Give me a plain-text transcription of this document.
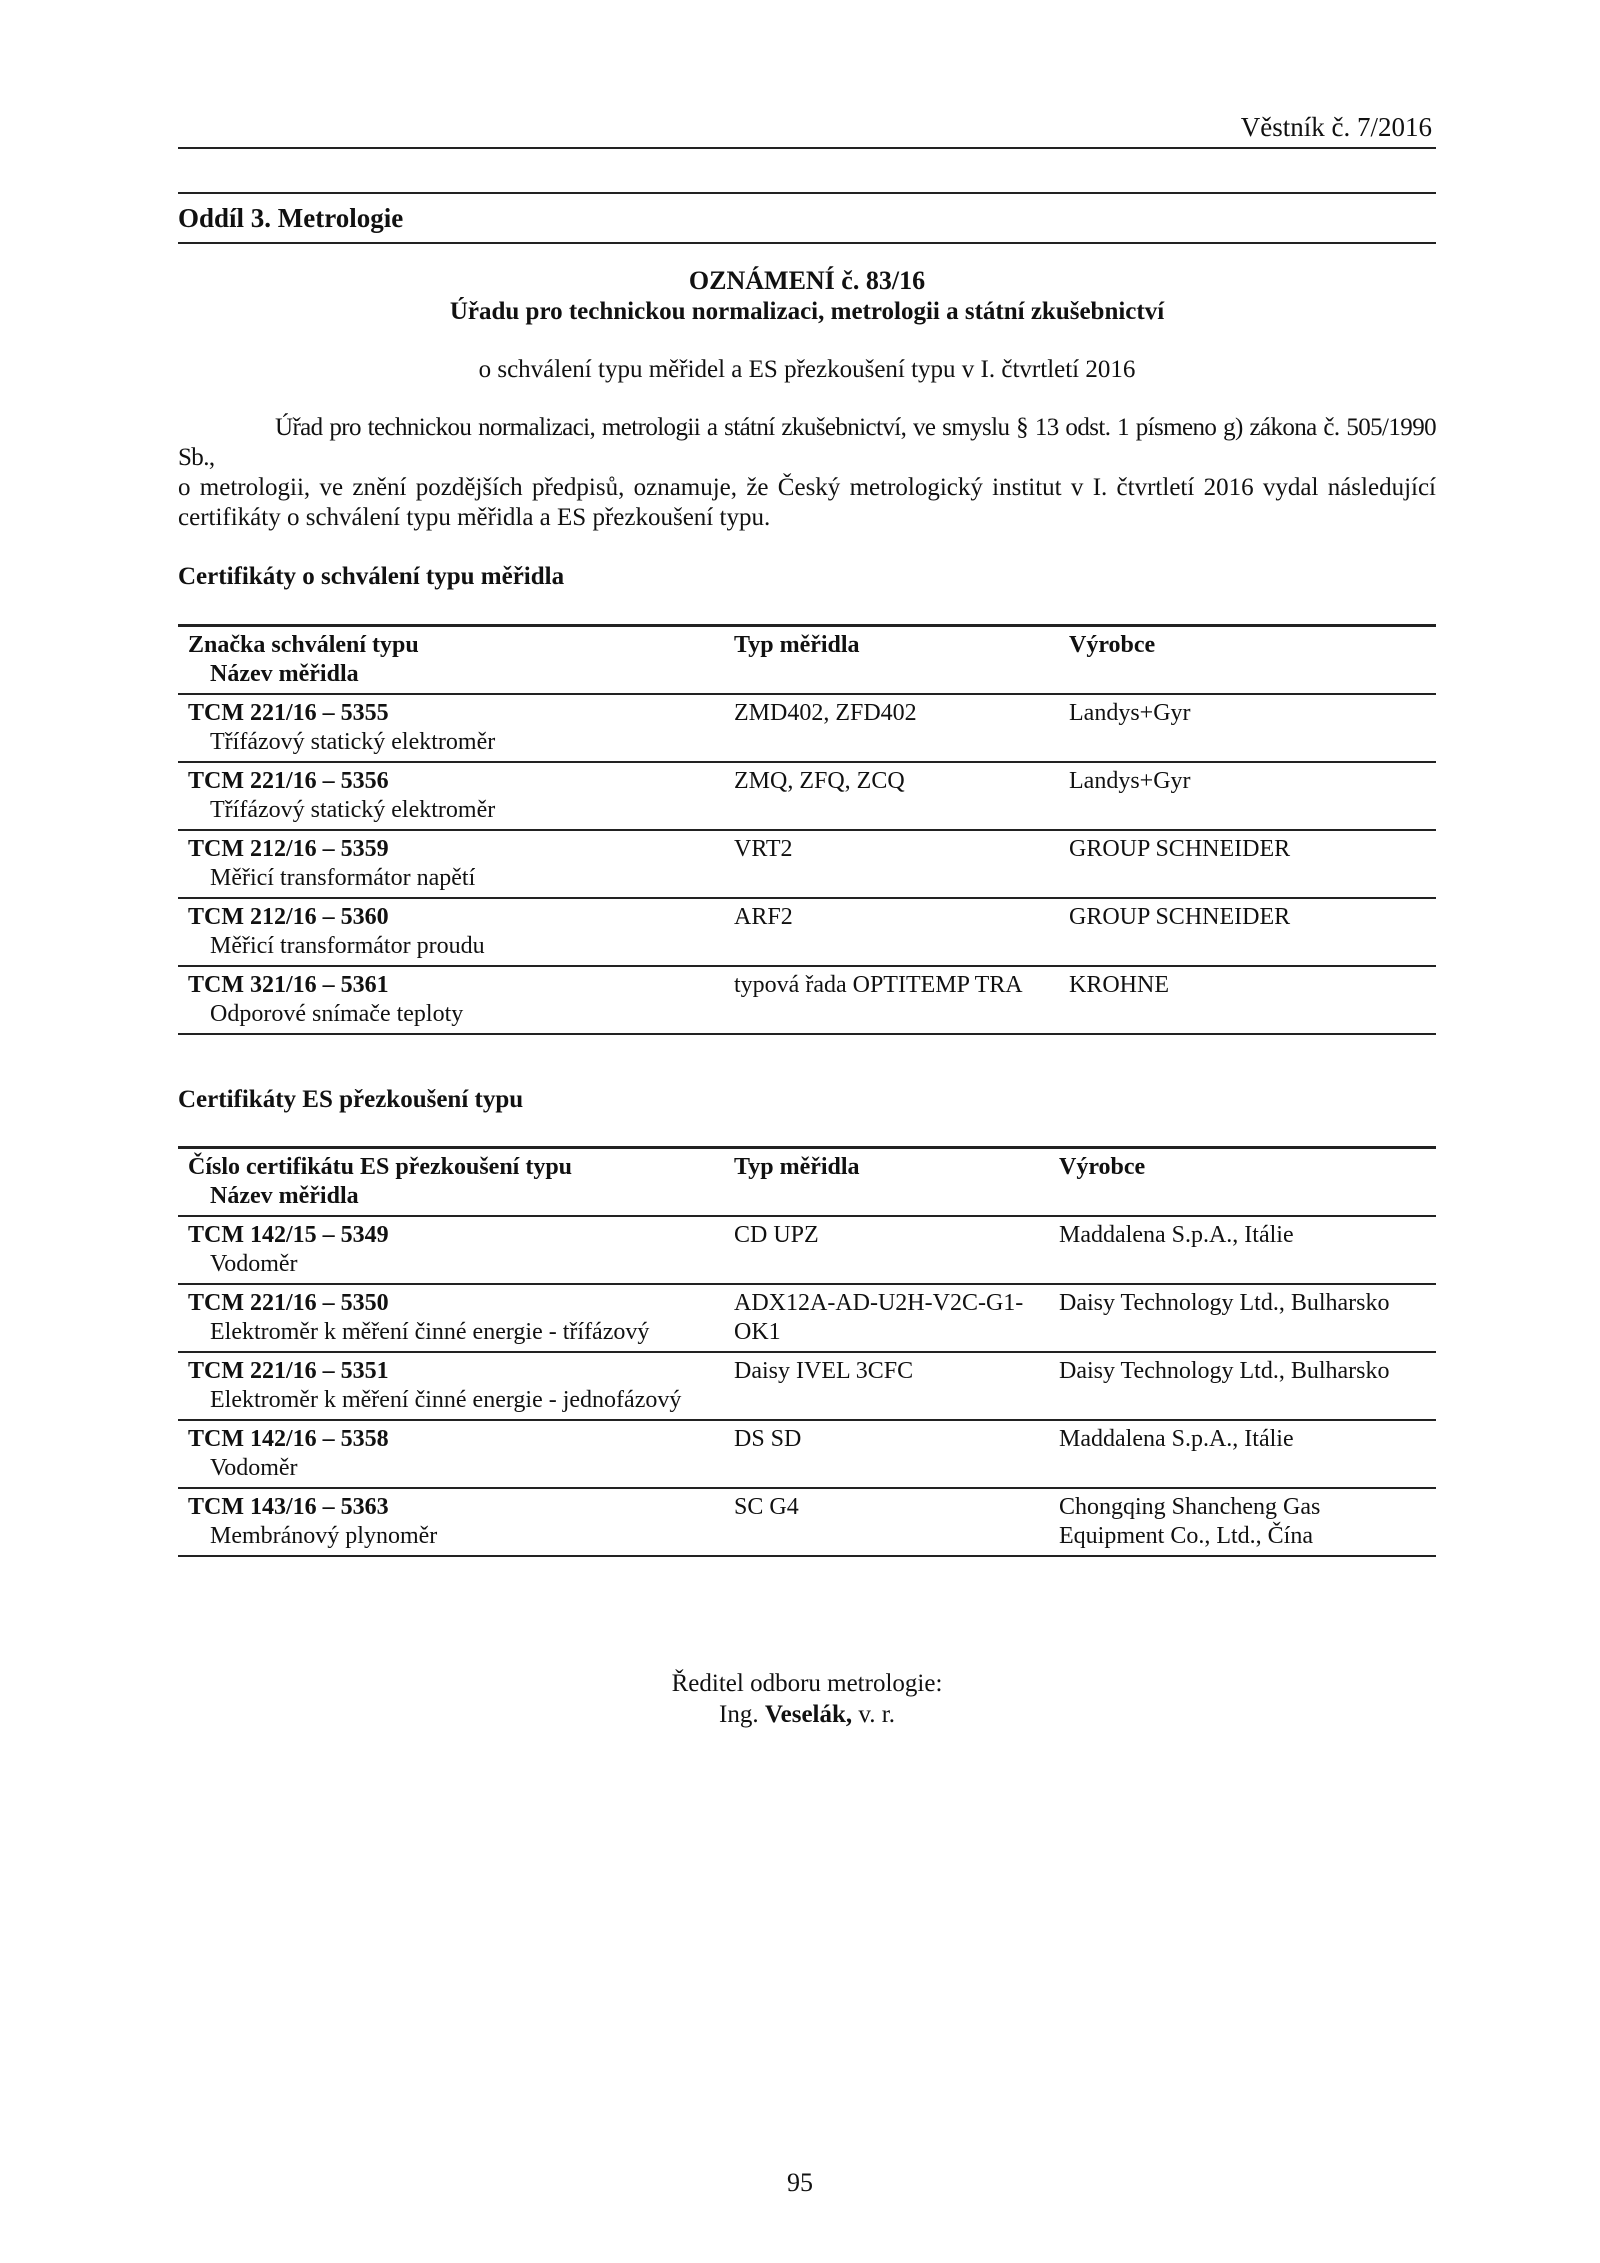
Věstník č. 7/2016
Oddíl 3. Metrologie
OZNÁMENÍ č. 83/16
Úřadu pro technickou normalizaci, metrologii a státní zkušebnictví
o schválení typu měřidel a ES přezkoušení typu v I. čtvrtletí 2016
Úřad pro technickou normalizaci, metrologii a státní zkušebnictví, ve smyslu § 13 odst. 1 písmeno g) zákona č. 505/1990 Sb.,
o metrologii, ve znění pozdějších předpisů, oznamuje, že Český metrologický institut v I. čtvrtletí 2016 vydal následující
certifikáty o schválení typu měřidla a ES přezkoušení typu.
Certifikáty o schválení typu měřidla
Značka schválení typu
Název měřidla	Typ měřidla	Výrobce

TCM 221/16 – 5355
Třífázový statický elektroměr	ZMD402, ZFD402	Landys+Gyr

TCM 221/16 – 5356
Třífázový statický elektroměr	ZMQ, ZFQ, ZCQ	Landys+Gyr

TCM 212/16 – 5359
Měřicí transformátor napětí	VRT2	GROUP SCHNEIDER

TCM 212/16 – 5360
Měřicí transformátor proudu	ARF2	GROUP SCHNEIDER

TCM 321/16 – 5361
Odporové snímače teploty	typová řada OPTITEMP TRA	KROHNE
Certifikáty ES přezkoušení typu
Číslo certifikátu ES přezkoušení typu
Název měřidla	Typ měřidla	Výrobce

TCM 142/15 – 5349
Vodoměr	CD UPZ	Maddalena S.p.A., Itálie

TCM 221/16 – 5350
Elektroměr k měření činné energie - třífázový	ADX12A-AD-U2H-V2C-G1-OK1	Daisy Technology Ltd., Bulharsko

TCM 221/16 – 5351
Elektroměr k měření činné energie - jednofázový	Daisy IVEL 3CFC	Daisy Technology Ltd., Bulharsko

TCM 142/16 – 5358
Vodoměr	DS SD	Maddalena S.p.A., Itálie

TCM 143/16 – 5363
Membránový plynoměr	SC G4	Chongqing Shancheng Gas Equipment Co., Ltd., Čína
Ředitel odboru metrologie:
Ing. Veselák, v. r.
95
